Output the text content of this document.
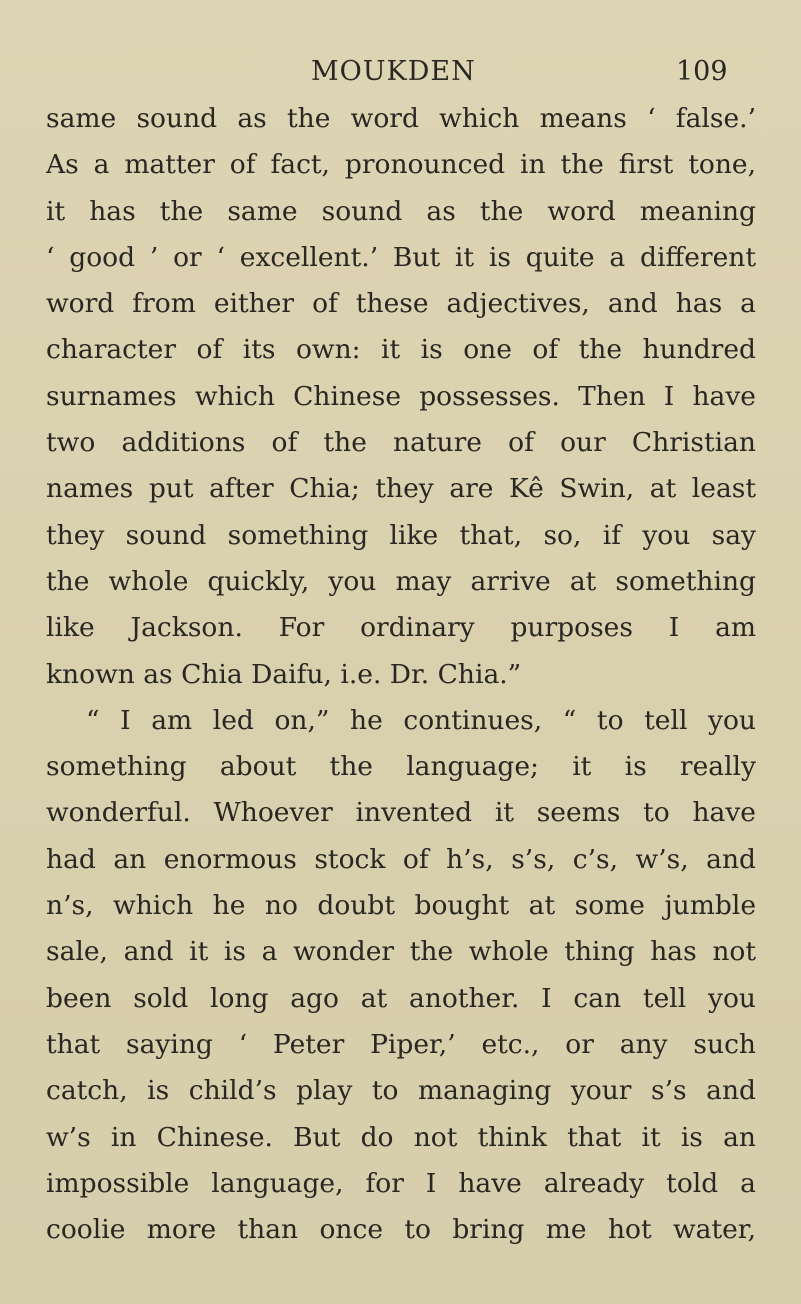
MOUKDEN	109
same sound as the word which means ‘ false.’
As a matter of fact, pronounced in the first tone,
it has the same sound as the word meaning
‘ good ’ or ‘ excellent.’ But it is quite a different
word from either of these adjectives, and has a
character of its own: it is one of the hundred
surnames which Chinese possesses. Then I have
two additions of the nature of our Christian
names put after Chia; they are Kê Swin, at least
they sound something like that, so, if you say
the whole quickly, you may arrive at something
like Jackson. For ordinary purposes I am
known as Chia Daifu, i.e. Dr. Chia.”
“ I am led on,” he continues, “ to tell you
something about the language; it is really
wonderful. Whoever invented it seems to have
had an enormous stock of h’s, s’s, c’s, w’s, and
n’s, which he no doubt bought at some jumble
sale, and it is a wonder the whole thing has not
been sold long ago at another. I can tell you
that saying ‘ Peter Piper,’ etc., or any such
catch, is child’s play to managing your s’s and
w’s in Chinese. But do not think that it is an
impossible language, for I have already told a
coolie more than once to bring me hot water,
